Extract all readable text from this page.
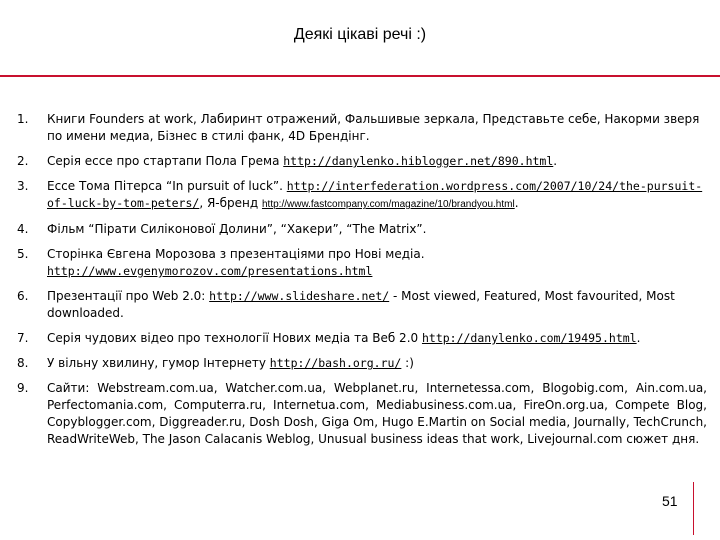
Деякі цікаві речі :)
1. Книги Founders at work, Лабиринт отражений, Фальшивые зеркала, Представьте себе, Накорми зверя по имени медиа, Бізнес в стилі фанк, 4D Брендінг.
2. Серія ессе про стартапи Пола Грема http://danylenko.hiblogger.net/890.html.
3. Ессе Тома Пітерса “In pursuit of luck”. http://interfederation.wordpress.com/2007/10/24/the-pursuit-of-luck-by-tom-peters/, Я-бренд http://www.fastcompany.com/magazine/10/brandyou.html.
4. Фільм “Пірати Силіконової Долини”, “Хакери”, “The Matrix”.
5. Сторінка Євгена Морозова з презентаціями про Нові медіа. http://www.evgenymorozov.com/presentations.html
6. Презентації про Web 2.0: http://www.slideshare.net/ - Most viewed, Featured, Most favourited, Most downloaded.
7. Серія чудових відео про технології Нових медіа та Веб 2.0 http://danylenko.com/19495.html.
8. У вільну хвилину, гумор Інтернету http://bash.org.ru/ :)
9. Сайти: Webstream.com.ua, Watcher.com.ua, Webplanet.ru, Internetessa.com, Blogobig.com, Ain.com.ua, Perfectomania.com, Computerra.ru, Internetua.com, Mediabusiness.com.ua, FireOn.org.ua, Compete Blog, Copyblogger.com, Diggreader.ru, Dosh Dosh, Giga Om, Hugo E.Martin on Social media, Journally, TechCrunch, ReadWriteWeb, The Jason Calacanis Weblog, Unusual business ideas that work, Livejournal.com сюжет дня.
51
